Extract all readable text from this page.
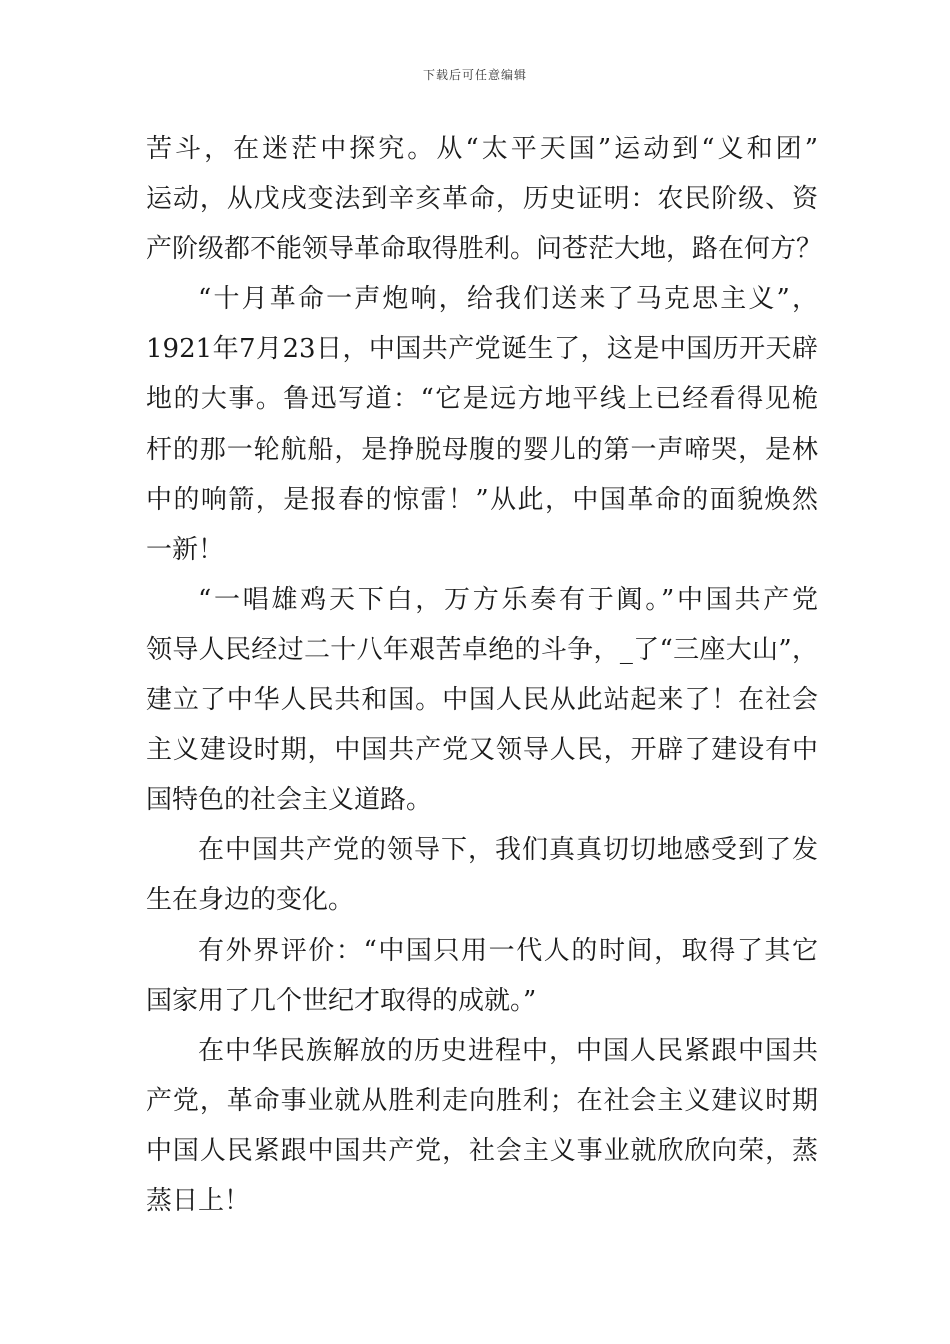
下载后可任意编辑
苦斗，在迷茫中探究。从“太平天国”运动到“义和团”
运动，从戊戌变法到辛亥革命，历史证明：农民阶级、资
产阶级都不能领导革命取得胜利。问苍茫大地，路在何方？
“十月革命一声炮响，给我们送来了马克思主义”，
1921年7月23日，中国共产党诞生了，这是中国历开天辟
地的大事。鲁迅写道：“它是远方地平线上已经看得见桅
杆的那一轮航船，是挣脱母腹的婴儿的第一声啼哭，是林
中的响箭，是报春的惊雷！”从此，中国革命的面貌焕然
一新！
“一唱雄鸡天下白，万方乐奏有于阗。”中国共产党
领导人民经过二十八年艰苦卓绝的斗争，_了“三座大山”，
建立了中华人民共和国。中国人民从此站起来了！在社会
主义建设时期，中国共产党又领导人民，开辟了建设有中
国特色的社会主义道路。
在中国共产党的领导下，我们真真切切地感受到了发
生在身边的变化。
有外界评价：“中国只用一代人的时间，取得了其它
国家用了几个世纪才取得的成就。”
在中华民族解放的历史进程中，中国人民紧跟中国共
产党，革命事业就从胜利走向胜利；在社会主义建议时期
中国人民紧跟中国共产党，社会主义事业就欣欣向荣，蒸
蒸日上！
